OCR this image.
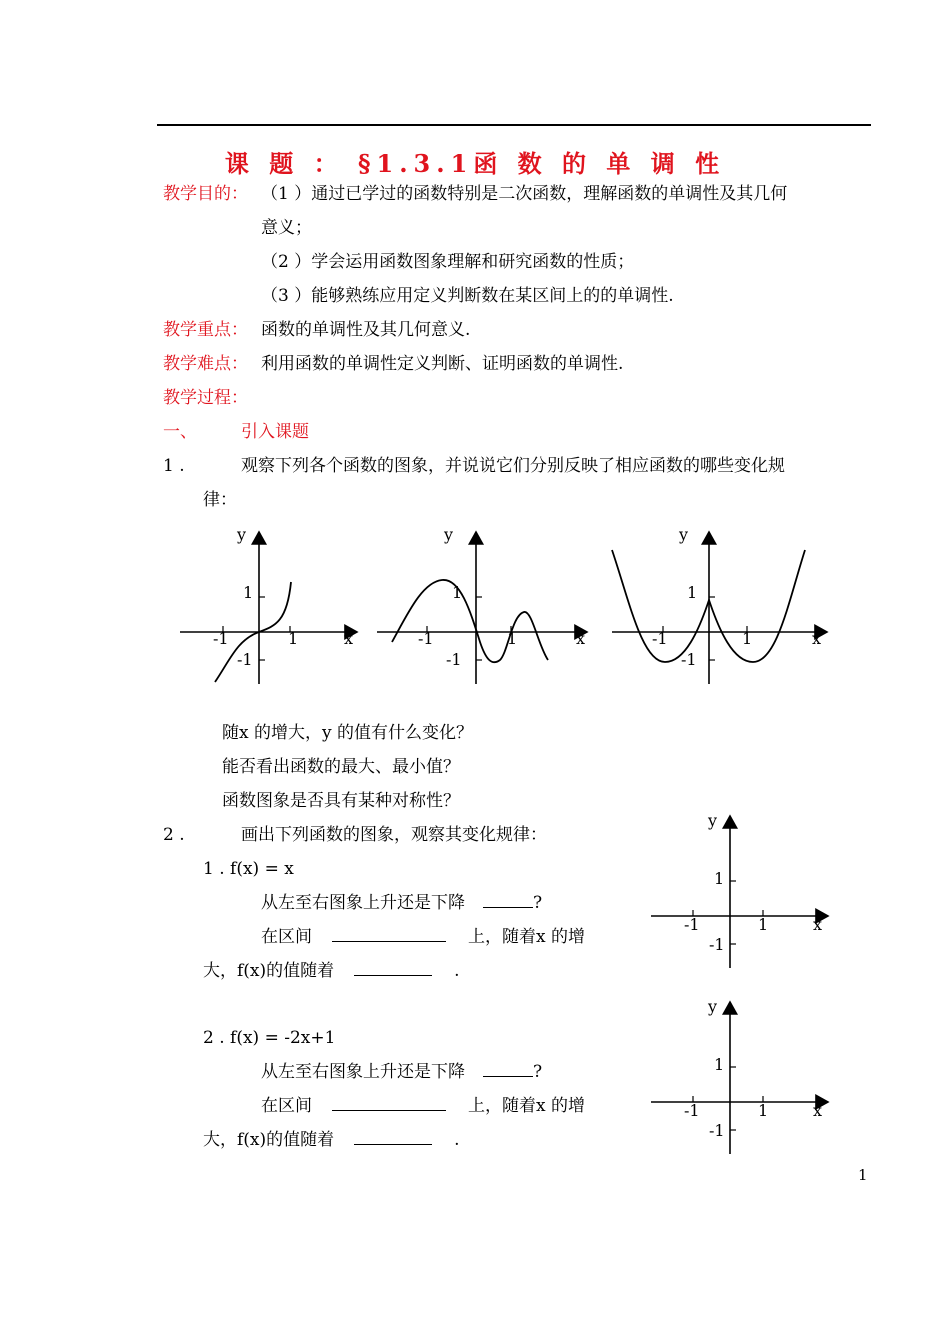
课 题 ： §1.3.1函 数 的 单 调 性
教学目的： （1 ）通过已学过的函数特别是二次函数，理解函数的单调性及其几何
意义；
（2 ）学会运用函数图象理解和研究函数的性质；
（3 ）能够熟练应用定义判断数在某区间上的的单调性.
教学重点： 函数的单调性及其几何意义.
教学难点： 利用函数的单调性定义判断、证明函数的单调性.
教学过程：
一、	引入课题
1 .	观察下列各个函数的图象，并说说它们分别反映了相应函数的哪些变化规
律：
y
x
1
-1
1
-1
y
x
1
-1
1
-1
y
x
1
-1
1
-1
随x 的增大，y 的值有什么变化？
能否看出函数的最大、最小值？
函数图象是否具有某种对称性？
2 .	画出下列函数的图象，观察其变化规律：
1 . f(x) = x
从左至右图象上升还是下降	?
在区间	上，随着x 的增
大，f(x)的值随着	.
2 . f(x) = -2x+1
从左至右图象上升还是下降	?
在区间	上，随着x 的增
大，f(x)的值随着	.
y
x
1
-1
1
-1
y
x
1
-1
1
-1
1
